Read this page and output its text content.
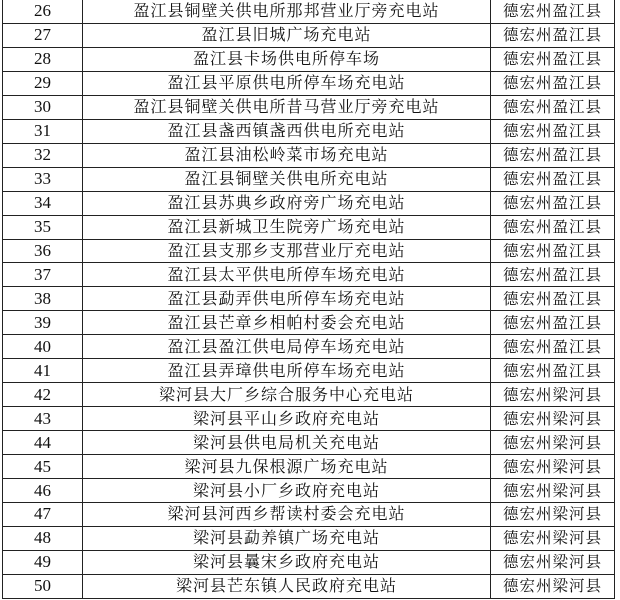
26	盈江县铜壁关供电所那邦营业厅旁充电站	德宏州盈江县
27	盈江县旧城广场充电站	德宏州盈江县
28	盈江县卡场供电所停车场	德宏州盈江县
29	盈江县平原供电所停车场充电站	德宏州盈江县
30	盈江县铜壁关供电所昔马营业厅旁充电站	德宏州盈江县
31	盈江县盏西镇盏西供电所充电站	德宏州盈江县
32	盈江县油松岭菜市场充电站	德宏州盈江县
33	盈江县铜壁关供电所充电站	德宏州盈江县
34	盈江县苏典乡政府旁广场充电站	德宏州盈江县
35	盈江县新城卫生院旁广场充电站	德宏州盈江县
36	盈江县支那乡支那营业厅充电站	德宏州盈江县
37	盈江县太平供电所停车场充电站	德宏州盈江县
38	盈江县勐弄供电所停车场充电站	德宏州盈江县
39	盈江县芒章乡相帕村委会充电站	德宏州盈江县
40	盈江县盈江供电局停车场充电站	德宏州盈江县
41	盈江县弄璋供电所停车场充电站	德宏州盈江县
42	梁河县大厂乡综合服务中心充电站	德宏州梁河县
43	梁河县平山乡政府充电站	德宏州梁河县
44	梁河县供电局机关充电站	德宏州梁河县
45	梁河县九保根源广场充电站	德宏州梁河县
46	梁河县小厂乡政府充电站	德宏州梁河县
47	梁河县河西乡帮读村委会充电站	德宏州梁河县
48	梁河县勐养镇广场充电站	德宏州梁河县
49	梁河县曩宋乡政府充电站	德宏州梁河县
50	梁河县芒东镇人民政府充电站	德宏州梁河县
